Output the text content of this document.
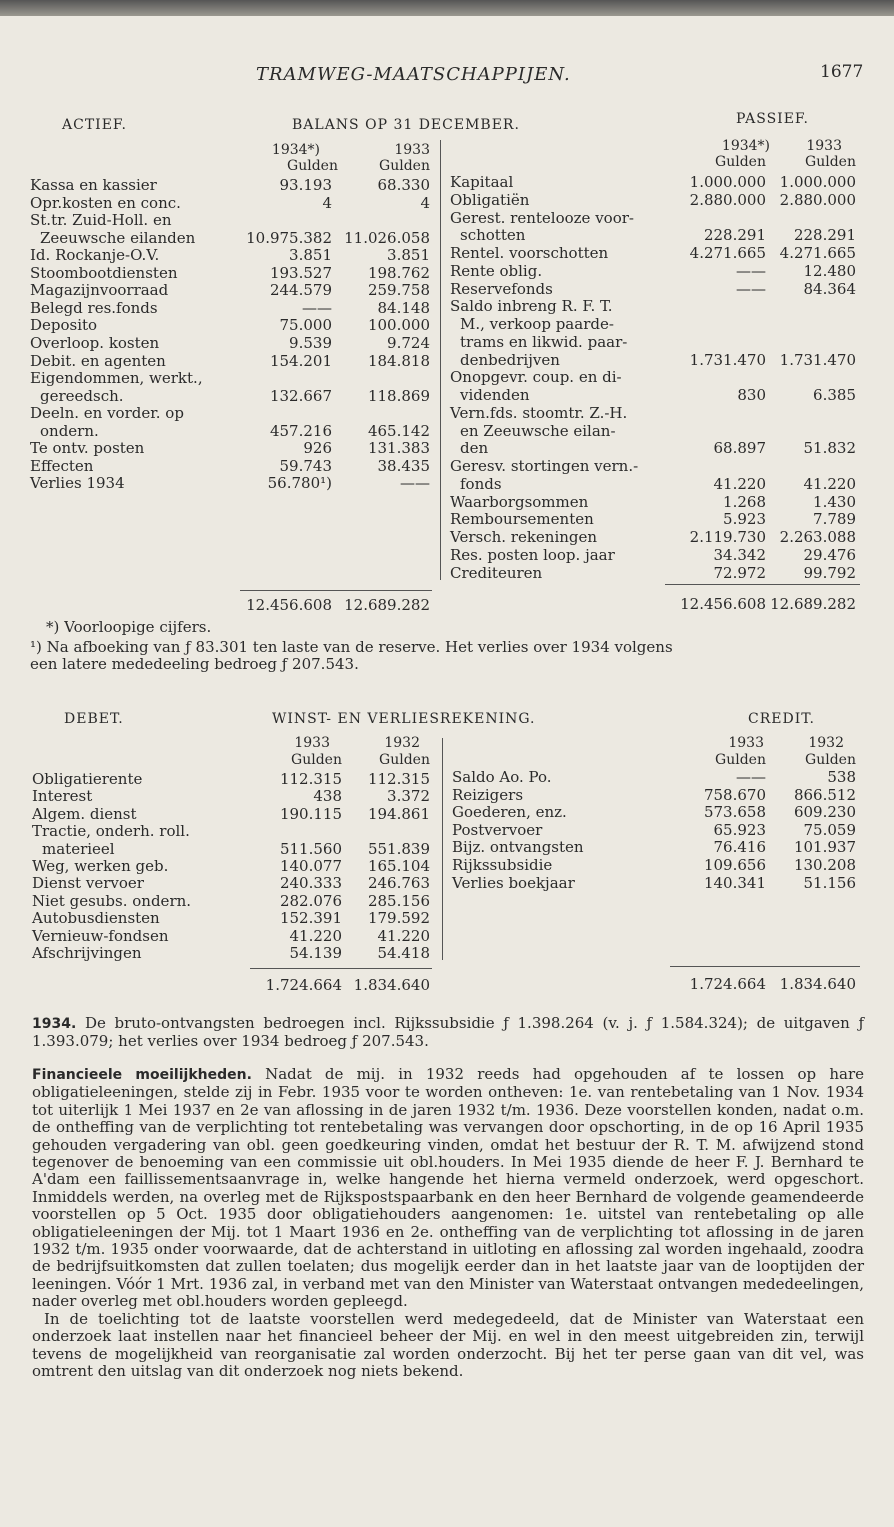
TRAMWEG-MAATSCHAPPIJEN.	1677
ACTIEF.	BALANS OP 31 DECEMBER.	PASSIEF.
1934*)	1933
Gulden	Gulden
1934*)	1933
Gulden	Gulden
Kassa en kassier	93.193	68.330
Opr.kosten en conc.	4	4
St.tr. Zuid-Holl. en
Zeeuwsche eilanden	10.975.382 11.026.058
Id. Rockanje-O.V.	3.851	3.851
Stoombootdiensten	193.527	198.762
Magazijnvoorraad	244.579	259.758
Belegd res.fonds	——	84.148
Deposito	75.000	100.000
Overloop. kosten	9.539	9.724
Debit. en agenten	154.201	184.818
Eigendommen, werkt.,
gereedsch.	132.667	118.869
Deeln. en vorder. op
ondern.	457.216	465.142
Te ontv. posten	926	131.383
Effecten	59.743	38.435
Verlies 1934	56.780¹)	——
Kapitaal	1.000.000 1.000.000
Obligatiën	2.880.000 2.880.000
Gerest. rentelooze voor-
schotten	228.291	228.291
Rentel. voorschotten	4.271.665 4.271.665
Rente oblig.	——	12.480
Reservefonds	——	84.364
Saldo inbreng R. F. T.
M., verkoop paarde-
trams en likwid. paar-
denbedrijven	1.731.470 1.731.470
Onopgevr. coup. en di-
videnden	830	6.385
Vern.fds. stoomtr. Z.-H.
en Zeeuwsche eilan-
den	68.897	51.832
Geresv. stortingen vern.-
fonds	41.220	41.220
Waarborgsommen	1.268	1.430
Remboursementen	5.923	7.789
Versch. rekeningen	2.119.730 2.263.088
Res. posten loop. jaar	34.342	29.476
Crediteuren	72.972	99.792
12.456.608 12.689.282	12.456.608 12.689.282
*) Voorloopige cijfers.
¹) Na afboeking van ƒ 83.301 ten laste van de reserve. Het verlies over 1934 volgens
een latere mededeeling bedroeg ƒ 207.543.
DEBET.	WINST- EN VERLIESREKENING.	CREDIT.
1933	1932
Gulden	Gulden
1933	1932
Gulden	Gulden
Obligatierente	112.315	112.315
Interest	438	3.372
Algem. dienst	190.115	194.861
Tractie, onderh. roll.
materieel	511.560	551.839
Weg, werken geb.	140.077	165.104
Dienst vervoer	240.333	246.763
Niet gesubs. ondern.	282.076	285.156
Autobusdiensten	152.391	179.592
Vernieuw-fondsen	41.220	41.220
Afschrijvingen	54.139	54.418
Saldo Ao. Po.	——	538
Reizigers	758.670	866.512
Goederen, enz.	573.658	609.230
Postvervoer	65.923	75.059
Bijz. ontvangsten	76.416	101.937
Rijkssubsidie	109.656	130.208
Verlies boekjaar	140.341	51.156
1.724.664 1.834.640	1.724.664 1.834.640

1934. De bruto-ontvangsten bedroegen incl. Rijkssubsidie ƒ 1.398.264 (v. j. ƒ 1.584.324); de uitgaven ƒ 1.393.079; het verlies over 1934 bedroeg ƒ 207.543.

Financieele moeilijkheden. Nadat de mij. in 1932 reeds had opgehouden af te lossen op hare obligatieleeningen, stelde zij in Febr. 1935 voor te worden ontheven: 1e. van rentebetaling van 1 Nov. 1934 tot uiterlijk 1 Mei 1937 en 2e van aflossing in de jaren 1932 t/m. 1936. Deze voorstellen konden, nadat o.m. de ontheffing van de verplichting tot rentebetaling was vervangen door opschorting, in de op 16 April 1935 gehouden vergadering van obl. geen goedkeuring vinden, omdat het bestuur der R. T. M. afwijzend stond tegenover de benoeming van een commissie uit obl.houders. In Mei 1935 diende de heer F. J. Bernhard te A'dam een faillissementsaanvrage in, welke hangende het hierna vermeld onderzoek, werd opgeschort. Inmiddels werden, na overleg met de Rijkspostspaarbank en den heer Bernhard de volgende geamendeerde voorstellen op 5 Oct. 1935 door obligatiehouders aangenomen: 1e. uitstel van rentebetaling op alle obligatieleeningen der Mij. tot 1 Maart 1936 en 2e. ontheffing van de verplichting tot aflossing in de jaren 1932 t/m. 1935 onder voorwaarde, dat de achterstand in uitloting en aflossing zal worden ingehaald, zoodra de bedrijfsuitkomsten dat zullen toelaten; dus mogelijk eerder dan in het laatste jaar van de looptijden der leeningen. Vóór 1 Mrt. 1936 zal, in verband met van den Minister van Waterstaat ontvangen mededeelingen, nader overleg met obl.houders worden gepleegd.

In de toelichting tot de laatste voorstellen werd medegedeeld, dat de Minister van Waterstaat een onderzoek laat instellen naar het financieel beheer der Mij. en wel in den meest uitgebreiden zin, terwijl tevens de mogelijkheid van reorganisatie zal worden onderzocht. Bij het ter perse gaan van dit vel, was omtrent den uitslag van dit onderzoek nog niets bekend.
